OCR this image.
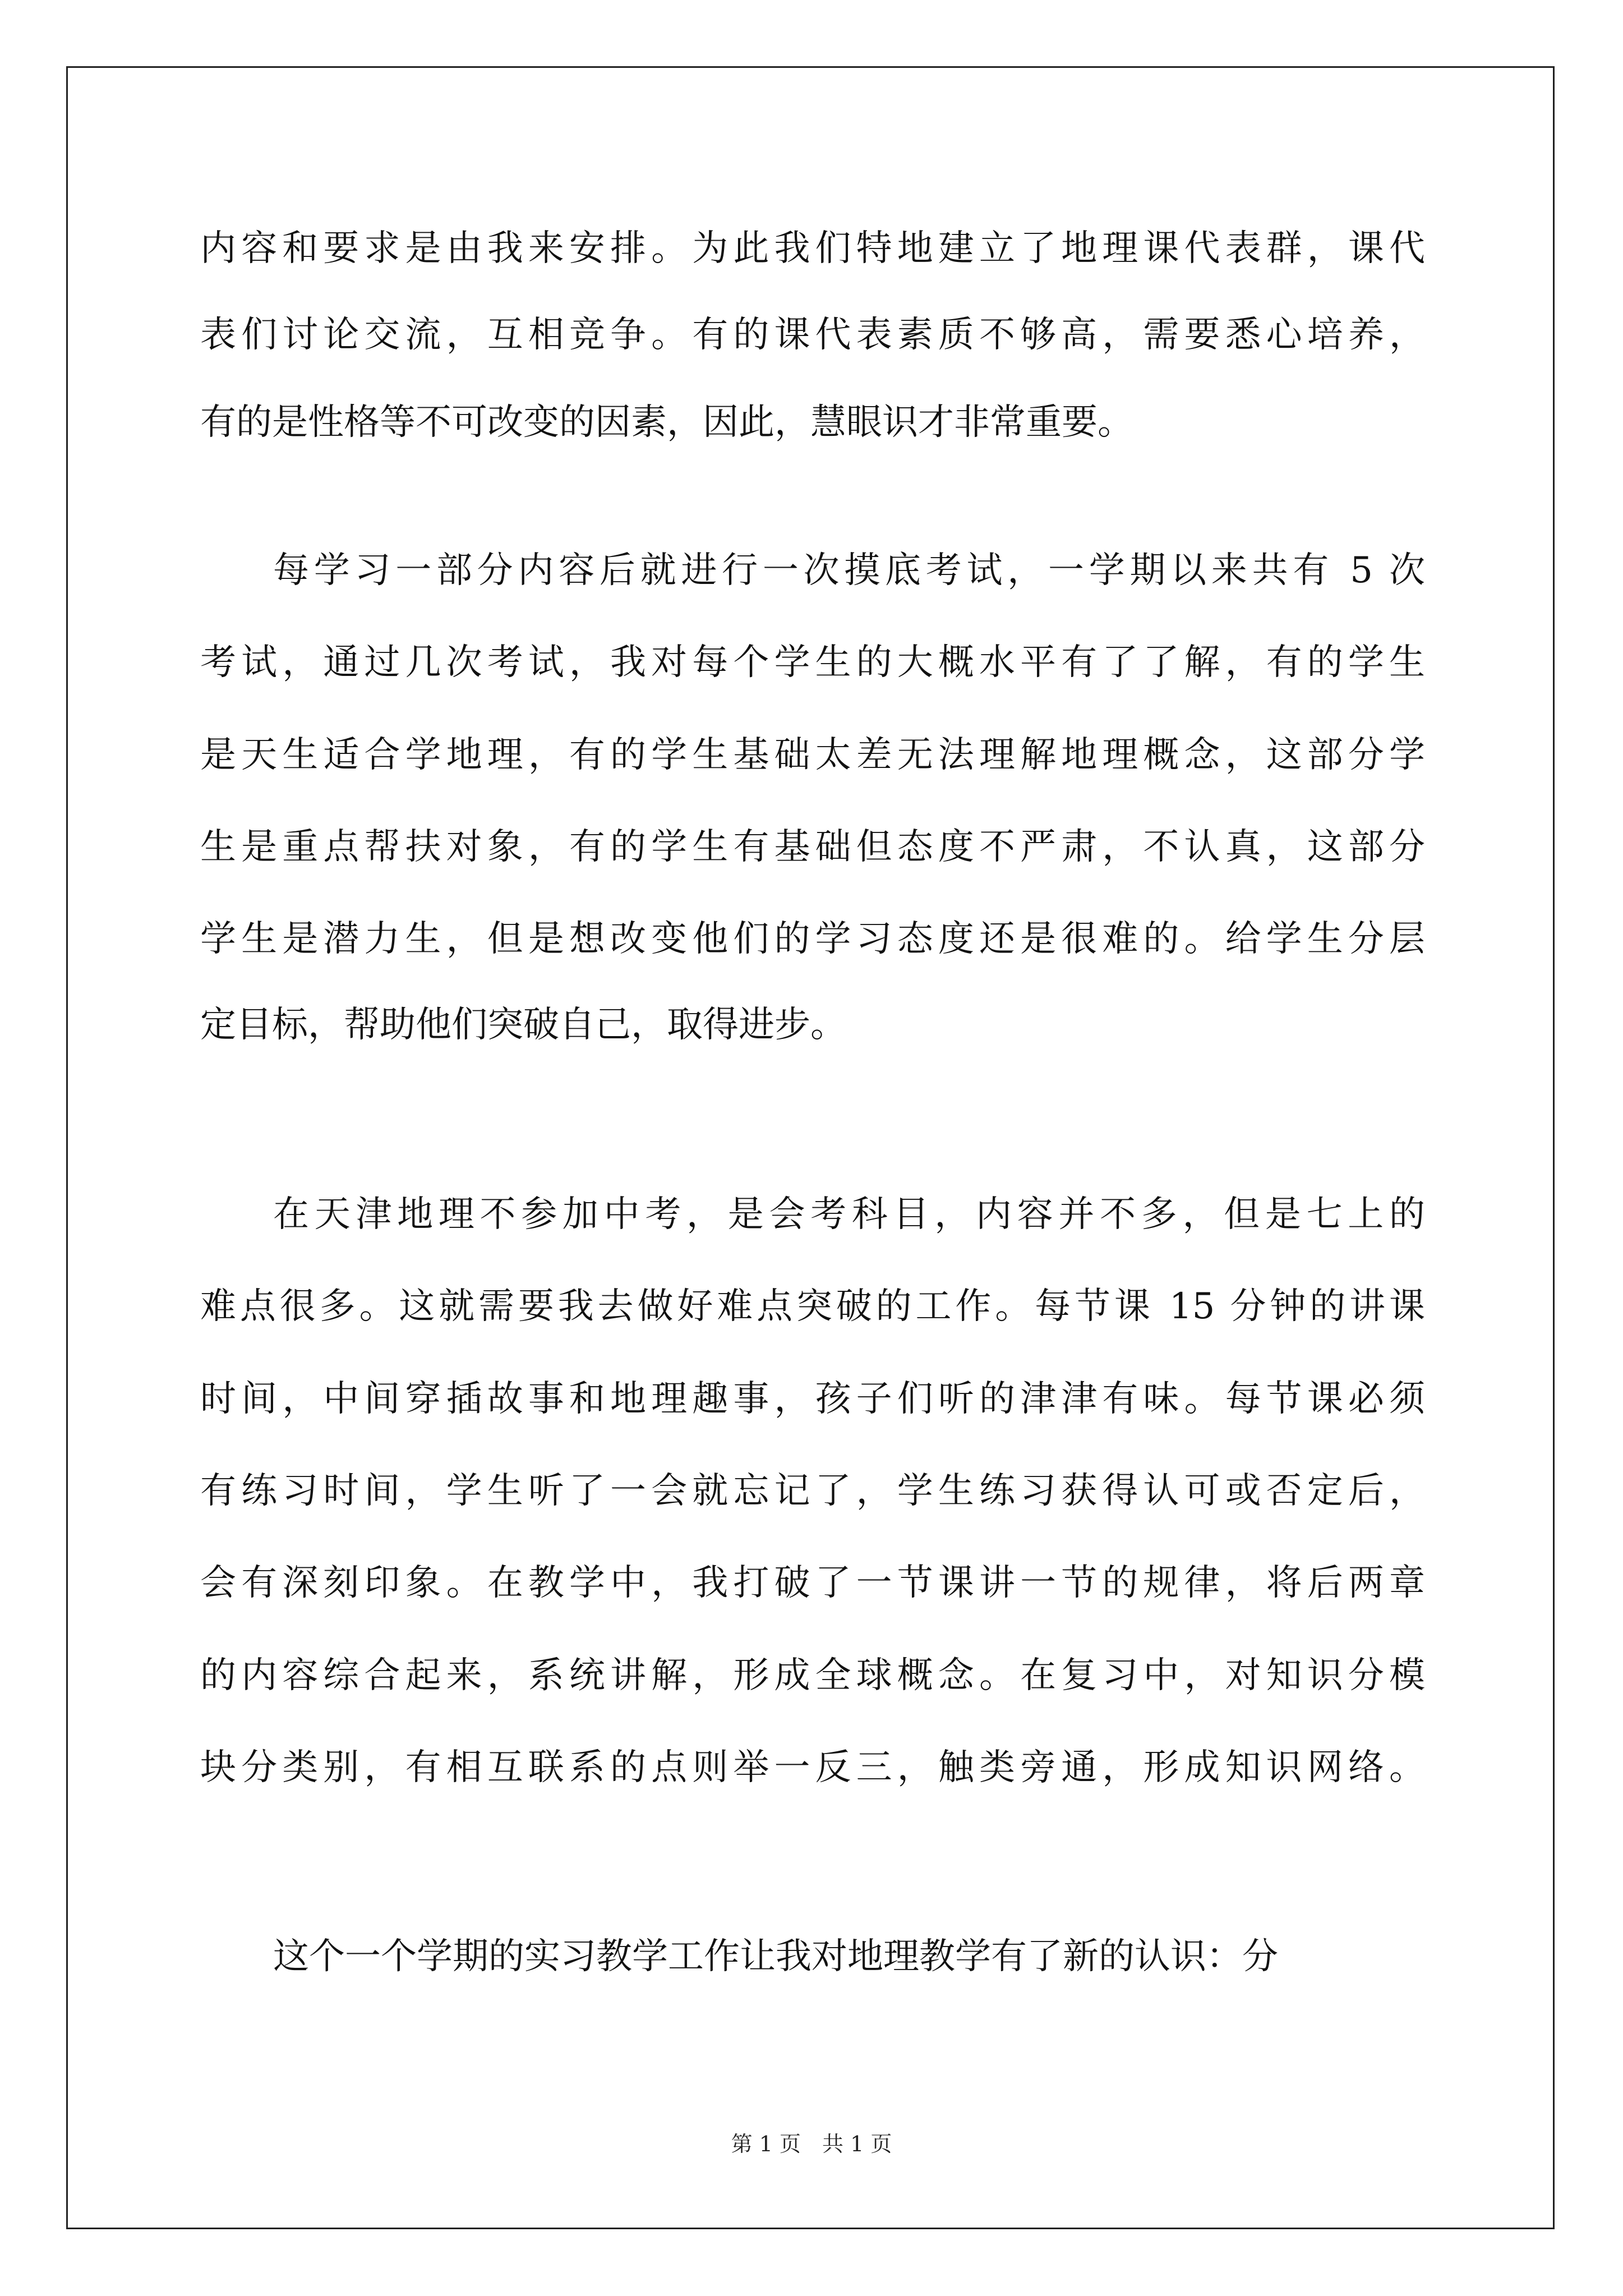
内容和要求是由我来安排。为此我们特地建立了地理课代表群，课代
表们讨论交流，互相竞争。有的课代表素质不够高，需要悉心培养，
有的是性格等不可改变的因素，因此，慧眼识才非常重要。
每学习一部分内容后就进行一次摸底考试，一学期以来共有 5 次
考试，通过几次考试，我对每个学生的大概水平有了了解，有的学生
是天生适合学地理，有的学生基础太差无法理解地理概念，这部分学
生是重点帮扶对象，有的学生有基础但态度不严肃，不认真，这部分
学生是潜力生，但是想改变他们的学习态度还是很难的。给学生分层
定目标，帮助他们突破自己，取得进步。
在天津地理不参加中考，是会考科目，内容并不多，但是七上的
难点很多。这就需要我去做好难点突破的工作。每节课 15 分钟的讲课
时间，中间穿插故事和地理趣事，孩子们听的津津有味。每节课必须
有练习时间，学生听了一会就忘记了，学生练习获得认可或否定后，
会有深刻印象。在教学中，我打破了一节课讲一节的规律，将后两章
的内容综合起来，系统讲解，形成全球概念。在复习中，对知识分模
块分类别，有相互联系的点则举一反三，触类旁通，形成知识网络。
这个一个学期的实习教学工作让我对地理教学有了新的认识：分
第 1 页　共 1 页
